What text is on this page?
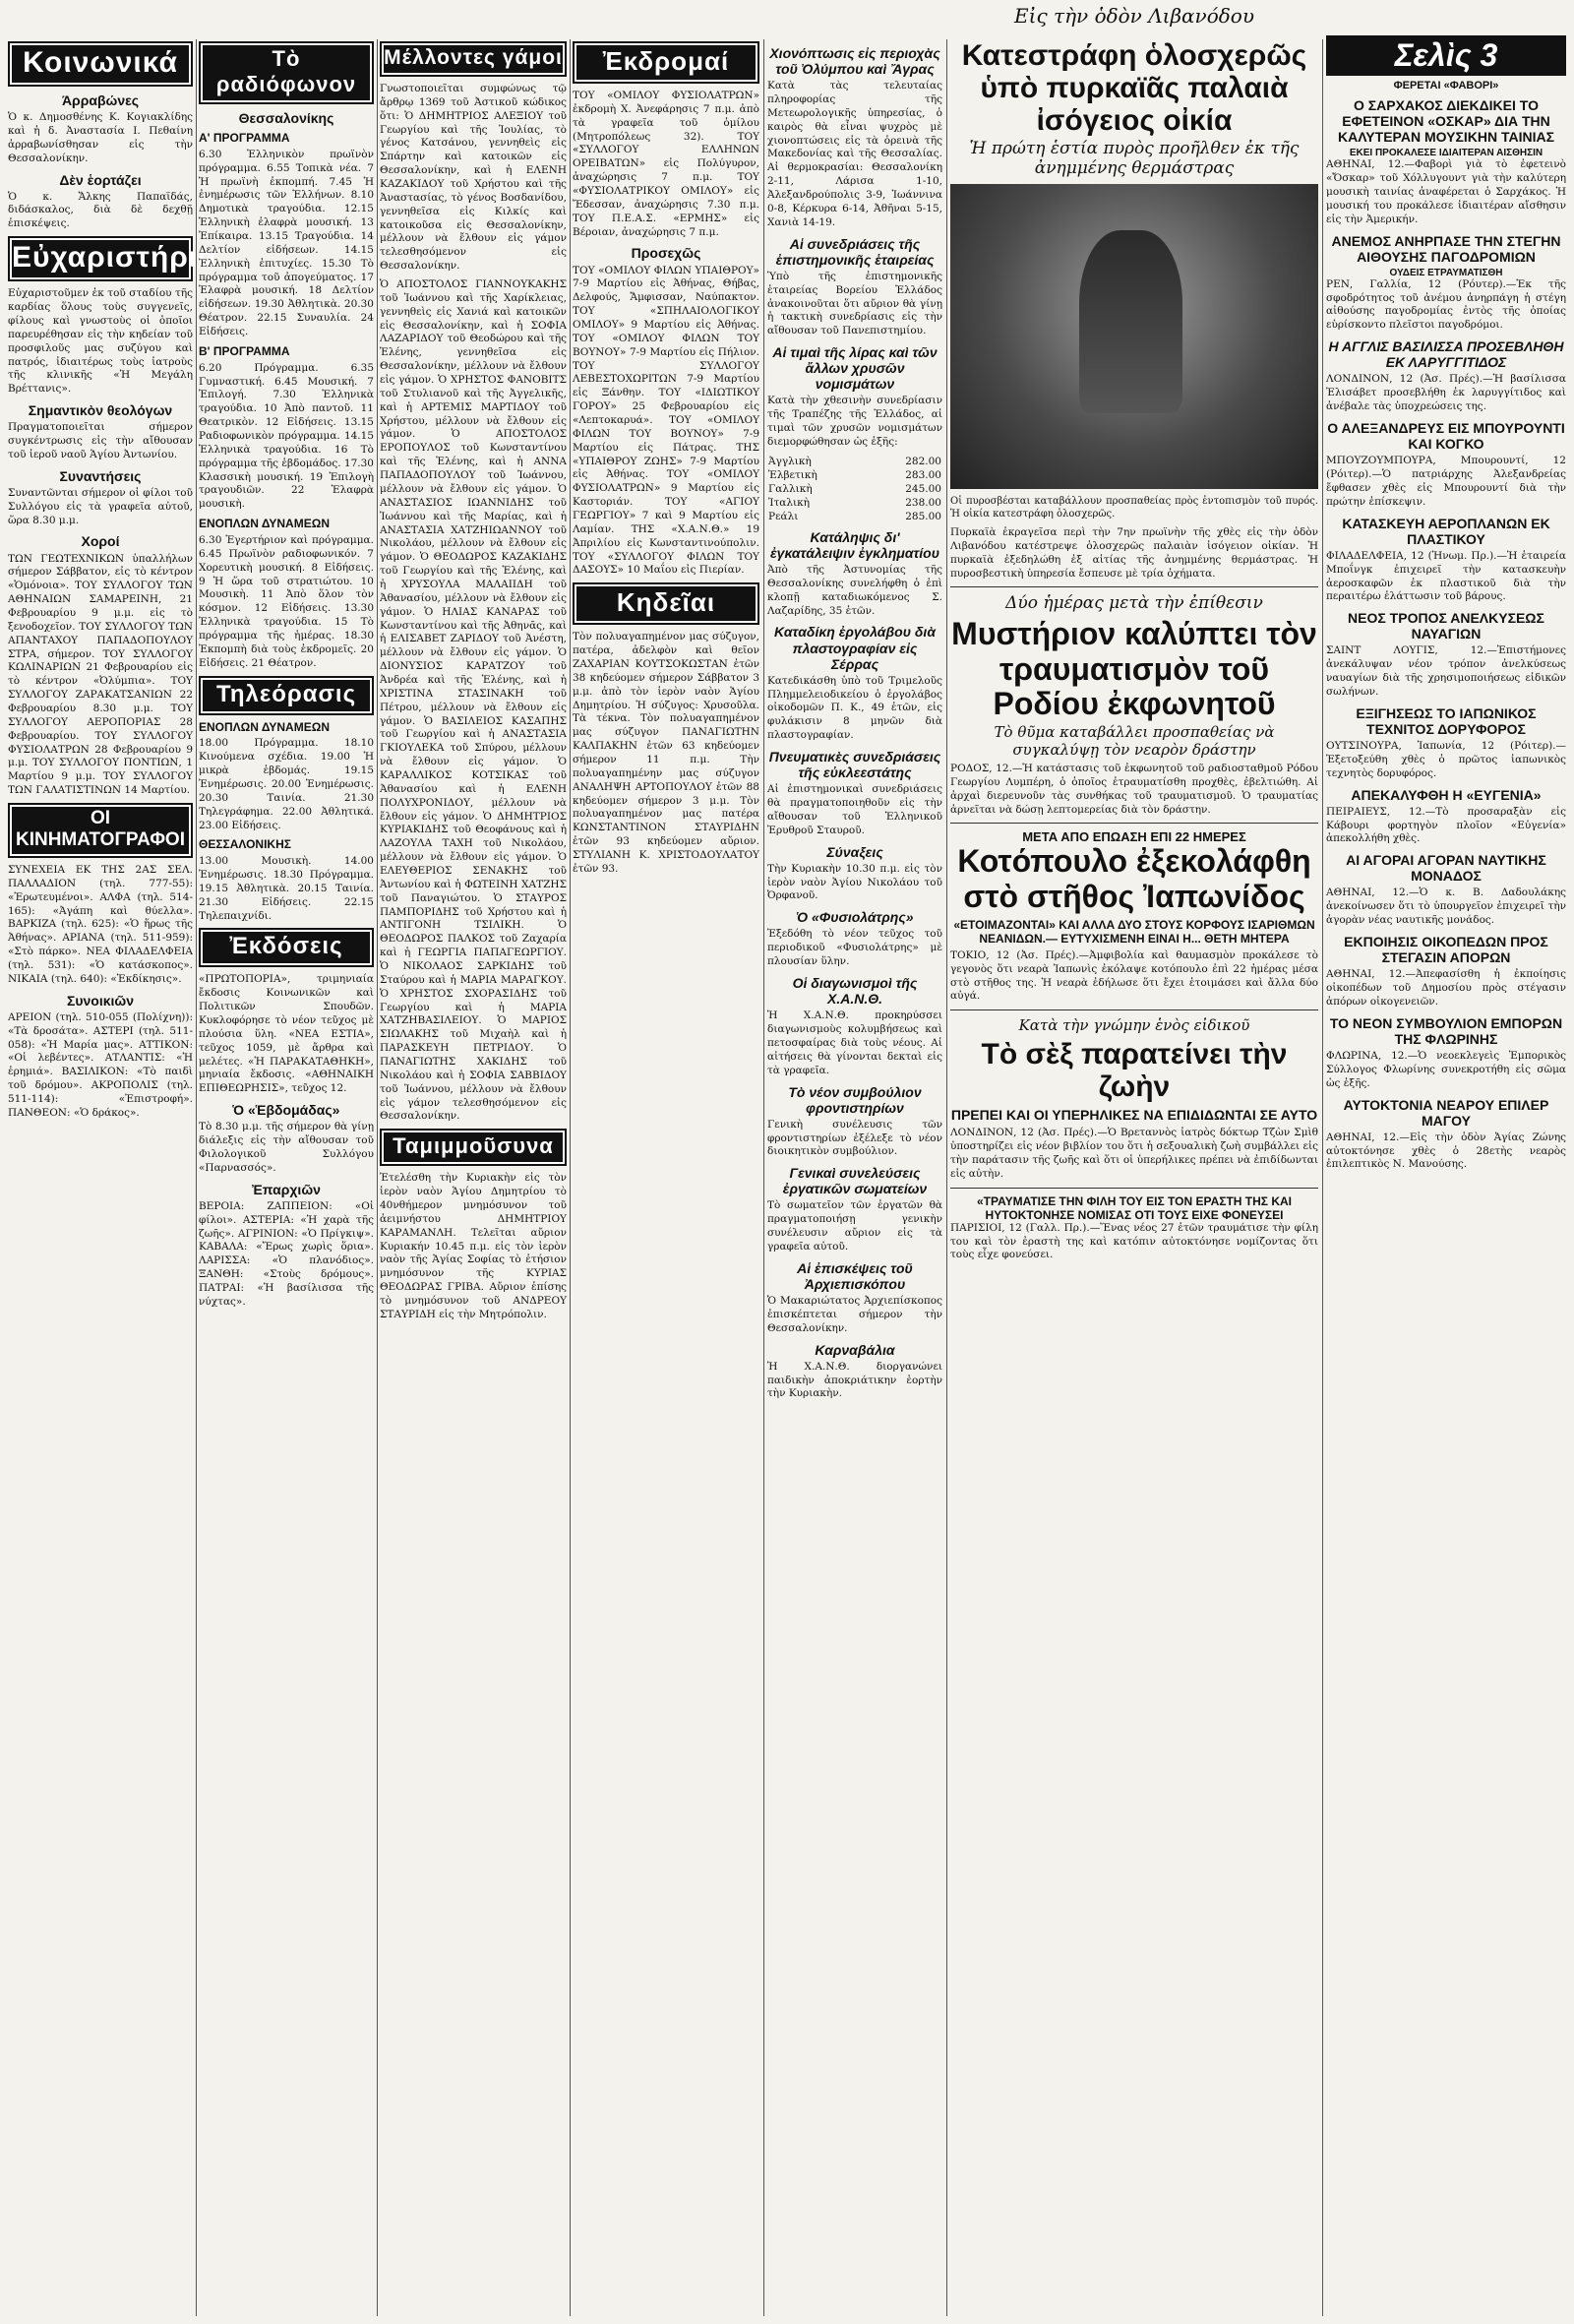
Κοινωνικά
Άρραβώνες
Ὁ κ. Δημοσθένης Κ. Κογιακλίδης καὶ ἡ δ. Ἀναστασία Ι. Πεθαίνη ἀρραβωνίσθησαν εἰς τὴν Θεσσαλονίκην.
Δὲν ἑορτάζει
Ὁ κ. Ἄλκης Παπαϊδάς, διδάσκαλος, διὰ δὲ δεχθῇ ἐπισκέψεις.
Εὐχαριστήρια
Εὐχαριστοῦμεν ἐκ τοῦ σταδίου τῆς καρδίας ὅλους τοὺς συγγενεῖς, φίλους καὶ γνωστοὺς οἱ ὁποῖοι παρευρέθησαν εἰς τὴν κηδείαν τοῦ προσφιλοῦς μας συζύγου καὶ πατρός, ἰδιαιτέρως τοὺς ἰατροὺς τῆς κλινικῆς «Ἡ Μεγάλη Βρέττανις».
Σημαντικὸν θεολόγων
Πραγματοποιεῖται σήμερον συγκέντρωσις εἰς τὴν αἴθουσαν τοῦ ἱεροῦ ναοῦ Ἁγίου Ἀντωνίου.
Συναντήσεις
Συναντῶνται σήμερον οἱ φίλοι τοῦ Συλλόγου εἰς τὰ γραφεῖα αὐτοῦ, ὥρα 8.30 μ.μ.
Χοροί
ΤΩΝ ΓΕΩΤΕΧΝΙΚΩΝ ὑπαλλήλων σήμερον Σάββατον, εἰς τὸ κέντρον «Ὁμόνοια». ΤΟΥ ΣΥΛΛΟΓΟΥ ΤΩΝ ΑΘΗΝΑΙΩΝ ΣΑΜΑΡΕΙΝΗ, 21 Φεβρουαρίου 9 μ.μ. εἰς τὸ ξενοδοχεῖον. ΤΟΥ ΣΥΛΛΟΓΟΥ ΤΩΝ ΑΠΑΝΤΑΧΟΥ ΠΑΠΑΔΟΠΟΥΛΟΥ ΣΤΡΑ, σήμερον. ΤΟΥ ΣΥΛΛΟΓΟΥ ΚΩΛΙΝΑΡΙΩΝ 21 Φεβρουαρίου εἰς τὸ κέντρον «Ὀλύμπια». ΤΟΥ ΣΥΛΛΟΓΟΥ ΖΑΡΑΚΑΤΣΑΝΙΩΝ 22 Φεβρουαρίου 8.30 μ.μ. ΤΟΥ ΣΥΛΛΟΓΟΥ ΑΕΡΟΠΟΡΙΑΣ 28 Φεβρουαρίου. ΤΟΥ ΣΥΛΛΟΓΟΥ ΦΥΣΙΟΛΑΤΡΩΝ 28 Φεβρουαρίου 9 μ.μ. ΤΟΥ ΣΥΛΛΟΓΟΥ ΠΟΝΤΙΩΝ, 1 Μαρτίου 9 μ.μ. ΤΟΥ ΣΥΛΛΟΓΟΥ ΤΩΝ ΓΑΛΑΤΙΣΤΙΝΩΝ 14 Μαρτίου.
ΟΙ ΚΙΝΗΜΑΤΟΓΡΑΦΟΙ
ΣΥΝΕΧΕΙΑ ΕΚ ΤΗΣ 2ΑΣ ΣΕΛ. ΠΑΛΛΑΔΙΟΝ (τηλ. 777-55): «Ἐρωτευμένοι». ΑΛΦΑ (τηλ. 514-165): «Ἀγάπη καὶ θύελλα». ΒΑΡΚΙΖΑ (τηλ. 625): «Ὁ ἥρως τῆς Ἀθήνας». ΑΡΙΑΝΑ (τηλ. 511-959): «Στὸ πάρκο». ΝΕΑ ΦΙΛΑΔΕΛΦΕΙΑ (τηλ. 531): «Ὁ κατάσκοπος». ΝΙΚΑΙΑ (τηλ. 640): «Ἐκδίκησις».
Συνοικιῶν
ΑΡΕΙΟΝ (τηλ. 510-055 (Πολίχνη)): «Τὰ δροσάτα». ΑΣΤΕΡΙ (τηλ. 511-058): «Ἡ Μαρία μας». ΑΤΤΙΚΟΝ: «Οἱ λεβέντες». ΑΤΛΑΝΤΙΣ: «Ἡ ἐρημιά». ΒΑΣΙΛΙΚΟΝ: «Τὸ παιδὶ τοῦ δρόμου». ΑΚΡΟΠΟΛΙΣ (τηλ. 511-114): «Ἐπιστροφή». ΠΑΝΘΕΟΝ: «Ὁ δράκος».
Τὸ ραδιόφωνον
Θεσσαλονίκης
Α' ΠΡΟΓΡΑΜΜΑ
6.30 Ἑλληνικὸν πρωϊνὸν πρόγραμμα. 6.55 Τοπικὰ νέα. 7 Ἡ πρωϊνὴ ἐκπομπή. 7.45 Ἡ ἐνημέρωσις τῶν Ἑλλήνων. 8.10 Δημοτικὰ τραγούδια. 12.15 Ἑλληνικὴ ἐλαφρὰ μουσική. 13 Ἐπίκαιρα. 13.15 Τραγούδια. 14 Δελτίον εἰδήσεων. 14.15 Ἐλληνικὴ ἐπιτυχίες. 15.30 Τὸ πρόγραμμα τοῦ ἀπογεύματος. 17 Ἐλαφρὰ μουσική. 18 Δελτίον εἰδήσεων. 19.30 Ἀθλητικὰ. 20.30 Θέατρον. 22.15 Συναυλία. 24 Εἰδήσεις.
Β' ΠΡΟΓΡΑΜΜΑ
6.20 Πρόγραμμα. 6.35 Γυμναστική. 6.45 Μουσική. 7 Ἐπιλογή. 7.30 Ἑλληνικὰ τραγούδια. 10 Ἀπὸ παντοῦ. 11 Θεατρικὸν. 12 Εἰδήσεις. 13.15 Ραδιοφωνικὸν πρόγραμμα. 14.15 Ἑλληνικὰ τραγούδια. 16 Τὸ πρόγραμμα τῆς ἑβδομάδος. 17.30 Κλασσικὴ μουσική. 19 Ἐπιλογὴ τραγουδιῶν. 22 Ἐλαφρὰ μουσικὴ.
ΕΝΟΠΛΩΝ ΔΥΝΑΜΕΩΝ
6.30 Ἐγερτήριον καὶ πρόγραμμα. 6.45 Πρωϊνὸν ραδιοφωνικόν. 7 Χορευτικὴ μουσική. 8 Εἰδήσεις. 9 Ἡ ὥρα τοῦ στρατιώτου. 10 Μουσικὴ. 11 Ἀπὸ ὅλον τὸν κόσμον. 12 Εἰδήσεις. 13.30 Ἐλληνικὰ τραγούδια. 15 Τὸ πρόγραμμα τῆς ἡμέρας. 18.30 Ἐκπομπὴ διὰ τοὺς ἐκδρομεῖς. 20 Εἰδήσεις. 21 Θέατρον.
Τηλεόρασις
ΕΝΟΠΛΩΝ ΔΥΝΑΜΕΩΝ
18.00 Πρόγραμμα. 18.10 Κινούμενα σχέδια. 19.00 Ἡ μικρὰ ἑβδομάς. 19.15 Ἐνημέρωσις. 20.00 Ἐνημέρωσις. 20.30 Ταινία. 21.30 Τηλεγράφημα. 22.00 Ἀθλητικά. 23.00 Εἰδήσεις.
ΘΕΣΣΑΛΟΝΙΚΗΣ
13.00 Μουσικὴ. 14.00 Ἐνημέρωσις. 18.30 Πρόγραμμα. 19.15 Ἀθλητικὰ. 20.15 Ταινία. 21.30 Εἰδήσεις. 22.15 Τηλεπαιχνίδι.
Ἐκδόσεις
«ΠΡΩΤΟΠΟΡΙΑ», τριμηνιαία ἔκδοσις Κοινωνικῶν καὶ Πολιτικῶν Σπουδῶν. Κυκλοφόρησε τὸ νέον τεῦχος μὲ πλούσια ὕλη. «ΝΕΑ ΕΣΤΙΑ», τεῦχος 1059, μὲ ἄρθρα καὶ μελέτες. «Ἡ ΠΑΡΑΚΑΤΑΘΗΚΗ», μηνιαία ἔκδοσις. «ΑΘΗΝΑΙΚΗ ΕΠΙΘΕΩΡΗΣΙΣ», τεῦχος 12.
Ὁ «Ἑβδομάδας»
Τὸ 8.30 μ.μ. τῆς σήμερον θὰ γίνῃ διάλεξις εἰς τὴν αἴθουσαν τοῦ Φιλολογικοῦ Συλλόγου «Παρνασσός».
Ἐπαρχιῶν
ΒΕΡΟΙΑ: ΖΑΠΠΕΙΟΝ: «Οἱ φίλοι». ΑΣΤΕΡΙΑ: «Ἡ χαρὰ τῆς ζωῆς». ΑΓΡΙΝΙΟΝ: «Ὁ Πρίγκιψ». ΚΑΒΑΛΑ: «Ἔρως χωρὶς ὅρια». ΛΑΡΙΣΣΑ: «Ὁ πλανόδιος». ΞΑΝΘΗ: «Στοὺς δρόμους». ΠΑΤΡΑΙ: «Ἡ βασίλισσα τῆς νύχτας».
Μέλλοντες γάμοι
Γνωστοποιεῖται συμφώνως τῷ ἄρθρῳ 1369 τοῦ Ἀστικοῦ κώδικος ὅτι: Ὁ ΔΗΜΗΤΡΙΟΣ ΑΛΕΞΙΟΥ τοῦ Γεωργίου καὶ τῆς Ἰουλίας, τὸ γένος Κατσάνου, γεννηθεὶς εἰς Σπάρτην καὶ κατοικῶν εἰς Θεσσαλονίκην, καὶ ἡ ΕΛΕΝΗ ΚΑΖΑΚΙΔΟΥ τοῦ Χρήστου καὶ τῆς Ἀναστασίας, τὸ γένος Βοσδανίδου, γεννηθεῖσα εἰς Κιλκίς καὶ κατοικοῦσα εἰς Θεσσαλονίκην, μέλλουν νὰ ἔλθουν εἰς γάμον τελεσθησόμενον εἰς Θεσσαλονίκην.
Ὁ ΑΠΟΣΤΟΛΟΣ ΓΙΑΝΝΟΥΚΑΚΗΣ τοῦ Ἰωάννου καὶ τῆς Χαρίκλειας, γεννηθεὶς εἰς Χανιά καὶ κατοικῶν εἰς Θεσσαλονίκην, καὶ ἡ ΣΟΦΙΑ ΛΑΖΑΡΙΔΟΥ τοῦ Θεοδώρου καὶ τῆς Ἑλένης, γεννηθεῖσα εἰς Θεσσαλονίκην, μέλλουν νὰ ἔλθουν εἰς γάμον. Ὁ ΧΡΗΣΤΟΣ ΦΑΝΟΒΙΤΣ τοῦ Στυλιανοῦ καὶ τῆς Ἀγγελικῆς, καὶ ἡ ΑΡΤΕΜΙΣ ΜΑΡΤΙΔΟΥ τοῦ Χρήστου, μέλλουν νὰ ἔλθουν εἰς γάμον. Ὁ ΑΠΟΣΤΟΛΟΣ ΕΡΟΠΟΥΛΟΣ τοῦ Κωνσταντίνου καὶ τῆς Ἑλένης, καὶ ἡ ΑΝΝΑ ΠΑΠΑΔΟΠΟΥΛΟΥ τοῦ Ἰωάννου, μέλλουν νὰ ἔλθουν εἰς γάμον. Ὁ ΑΝΑΣΤΑΣΙΟΣ ΙΩΑΝΝΙΔΗΣ τοῦ Ἰωάννου καὶ τῆς Μαρίας, καὶ ἡ ΑΝΑΣΤΑΣΙΑ ΧΑΤΖΗΙΩΑΝΝΟΥ τοῦ Νικολάου, μέλλουν νὰ ἔλθουν εἰς γάμον. Ὁ ΘΕΟΔΩΡΟΣ ΚΑΖΑΚΙΔΗΣ τοῦ Γεωργίου καὶ τῆς Ἑλένης, καὶ ἡ ΧΡΥΣΟΥΛΑ ΜΑΛΑΙΙΔΗ τοῦ Ἀθανασίου, μέλλουν νὰ ἔλθουν εἰς γάμον. Ὁ ΗΛΙΑΣ ΚΑΝΑΡΑΣ τοῦ Κωνσταντίνου καὶ τῆς Ἀθηνᾶς, καὶ ἡ ΕΛΙΣΑΒΕΤ ΖΑΡΙΔΟΥ τοῦ Ἀνέστη, μέλλουν νὰ ἔλθουν εἰς γάμον. Ὁ ΔΙΟΝΥΣΙΟΣ ΚΑΡΑΤΖΟΥ τοῦ Ἀνδρέα καὶ τῆς Ἑλένης, καὶ ἡ ΧΡΙΣΤΙΝΑ ΣΤΑΣΙΝΑΚΗ τοῦ Πέτρου, μέλλουν νὰ ἔλθουν εἰς γάμον. Ὁ ΒΑΣΙΛΕΙΟΣ ΚΑΣΑΠΗΣ τοῦ Γεωργίου καὶ ἡ ΑΝΑΣΤΑΣΙΑ ΓΚΙΟΥΛΕΚΑ τοῦ Σπύρου, μέλλουν νὰ ἔλθουν εἰς γάμον. Ὁ ΚΑΡΑΛΛΙΚΟΣ ΚΟΤΣΙΚΑΣ τοῦ Ἀθανασίου καὶ ἡ ΕΛΕΝΗ ΠΟΛΥΧΡΟΝΙΔΟΥ, μέλλουν νὰ ἔλθουν εἰς γάμον. Ὁ ΔΗΜΗΤΡΙΟΣ ΚΥΡΙΑΚΙΔΗΣ τοῦ Θεοφάνους καὶ ἡ ΛΑΖΟΥΛΑ ΤΑΧΗ τοῦ Νικολάου, μέλλουν νὰ ἔλθουν εἰς γάμον. Ὁ ΕΛΕΥΘΕΡΙΟΣ ΣΕΝΑΚΗΣ τοῦ Ἀντωνίου καὶ ἡ ΦΩΤΕΙΝΗ ΧΑΤΖΗΣ τοῦ Παναγιώτου. Ὁ ΣΤΑΥΡΟΣ ΠΑΜΠΟΡΙΔΗΣ τοῦ Χρήστου καὶ ἡ ΑΝΤΙΓΟΝΗ ΤΣΙΛΙΚΗ. Ὁ ΘΕΟΔΩΡΟΣ ΠΑΛΚΟΣ τοῦ Ζαχαρία καὶ ἡ ΓΕΩΡΓΙΑ ΠΑΠΑΓΕΩΡΓΙΟΥ. Ὁ ΝΙΚΟΛΑΟΣ ΣΑΡΚΙΔΗΣ τοῦ Σταύρου καὶ ἡ ΜΑΡΙΑ ΜΑΡΑΓΚΟΥ. Ὁ ΧΡΗΣΤΟΣ ΣΧΟΡΑΣΙΔΗΣ τοῦ Γεωργίου καὶ ἡ ΜΑΡΙΑ ΧΑΤΖΗΒΑΣΙΛΕΙΟΥ. Ὁ ΜΑΡΙΟΣ ΣΙΩΛΑΚΗΣ τοῦ Μιχαὴλ καὶ ἡ ΠΑΡΑΣΚΕΥΗ ΠΕΤΡΙΔΟΥ. Ὁ ΠΑΝΑΓΙΩΤΗΣ ΧΑΚΙΔΗΣ τοῦ Νικολάου καὶ ἡ ΣΟΦΙΑ ΣΑΒΒΙΔΟΥ τοῦ Ἰωάννου, μέλλουν νὰ ἔλθουν εἰς γάμον τελεσθησόμενον εἰς Θεσσαλονίκην.
Ταμιμμοῦσυνα
Ἐτελέσθη τὴν Κυριακὴν εἰς τὸν ἱερὸν ναὸν Ἁγίου Δημητρίου τὸ 40νθήμερον μνημόσυνον τοῦ ἀειμνήστου ΔΗΜΗΤΡΙΟΥ ΚΑΡΑΜΑΝΛΗ. Τελεῖται αὔριον Κυριακήν 10.45 π.μ. εἰς τὸν ἱερὸν ναὸν τῆς Ἁγίας Σοφίας τὸ ἐτήσιον μνημόσυνον τῆς ΚΥΡΙΑΣ ΘΕΟΔΩΡΑΣ ΓΡΙΒΑ. Αὔριον ἐπίσης τὸ μνημόσυνον τοῦ ΑΝΔΡΕΟΥ ΣΤΑΥΡΙΔΗ εἰς τὴν Μητρόπολιν.
Ἐκδρομαί
ΤΟΥ «ΟΜΙΛΟΥ ΦΥΣΙΟΛΑΤΡΩΝ» ἐκδρομὴ Χ. Ἀνεφάρησις 7 π.μ. ἀπὸ τὰ γραφεῖα τοῦ ὁμίλου (Μητροπόλεως 32). ΤΟΥ «ΣΥΛΛΟΓΟΥ ΕΛΛΗΝΩΝ ΟΡΕΙΒΑΤΩΝ» εἰς Πολύγυρον, ἀναχώρησις 7 π.μ. ΤΟΥ «ΦΥΣΙΟΛΑΤΡΙΚΟΥ ΟΜΙΛΟΥ» εἰς Ἔδεσσαν, ἀναχώρησις 7.30 π.μ. ΤΟΥ Π.Ε.Α.Σ. «ΕΡΜΗΣ» εἰς Βέροιαν, ἀναχώρησις 7 π.μ.
Προσεχῶς
ΤΟΥ «ΟΜΙΛΟΥ ΦΙΛΩΝ ΥΠΑΙΘΡΟΥ» 7-9 Μαρτίου εἰς Ἀθήνας, Θήβας, Δελφούς, Ἄμφισσαν, Ναύπακτον. ΤΟΥ «ΣΠΗΛΑΙΟΛΟΓΙΚΟΥ ΟΜΙΛΟΥ» 9 Μαρτίου εἰς Ἀθήνας. ΤΟΥ «ΟΜΙΛΟΥ ΦΙΛΩΝ ΤΟΥ ΒΟΥΝΟΥ» 7-9 Μαρτίου εἰς Πήλιον. ΤΟΥ ΣΥΛΛΟΓΟΥ ΛΕΒΕΣΤΟΧΩΡΙΤΩΝ 7-9 Μαρτίου εἰς Ξάνθην. ΤΟΥ «ΙΔΙΩΤΙΚΟΥ ΓΟΡΟΥ» 25 Φεβρουαρίου εἰς «Λεπτοκαρυά». ΤΟΥ «ΟΜΙΛΟΥ ΦΙΛΩΝ ΤΟΥ ΒΟΥΝΟΥ» 7-9 Μαρτίου εἰς Πάτρας. ΤΗΣ «ΥΠΑΙΘΡΟΥ ΖΩΗΣ» 7-9 Μαρτίου εἰς Ἀθήνας. ΤΟΥ «ΟΜΙΛΟΥ ΦΥΣΙΟΛΑΤΡΩΝ» 9 Μαρτίου εἰς Καστοριάν. ΤΟΥ «ΑΓΙΟΥ ΓΕΩΡΓΙΟΥ» 7 καὶ 9 Μαρτίου εἰς Λαμίαν. ΤΗΣ «Χ.Α.Ν.Θ.» 19 Ἀπριλίου εἰς Κωνσταντινούπολιν. ΤΟΥ «ΣΥΛΛΟΓΟΥ ΦΙΛΩΝ ΤΟΥ ΔΑΣΟΥΣ» 10 Μαΐου εἰς Πιερίαν.
Κηδεῖαι
Τὸν πολυαγαπημένον μας σύζυγον, πατέρα, ἀδελφὸν καὶ θεῖον ΖΑΧΑΡΙΑΝ ΚΟΥΤΣΟΚΩΣΤΑΝ ἐτῶν 38 κηδεύομεν σήμερον Σάββατον 3 μ.μ. ἀπὸ τὸν ἱερὸν ναὸν Ἁγίου Δημητρίου. Ἡ σύζυγος: Χρυσοῦλα. Τὰ τέκνα. Τὸν πολυαγαπημένον μας σύζυγον ΠΑΝΑΓΙΩΤΗΝ ΚΑΛΠΑΚΗΝ ἐτῶν 63 κηδεύομεν σήμερον 11 π.μ. Τὴν πολυαγαπημένην μας σύζυγον ΑΝΑΛΗΨΗ ΑΡΤΟΠΟΥΛΟΥ ἐτῶν 88 κηδεύομεν σήμερον 3 μ.μ. Τὸν πολυαγαπημένον μας πατέρα ΚΩΝΣΤΑΝΤΙΝΟΝ ΣΤΑΥΡΙΔΗΝ ἐτῶν 93 κηδεύομεν αὔριον. ΣΤΥΛΙΑΝΗ Κ. ΧΡΙΣΤΟΔΟΥΛΑΤΟΥ ἐτῶν 93.
Χιονόπτωσις εἰς περιοχὰς τοῦ Ὀλύμπου καὶ Ἄγρας
Κατὰ τὰς τελευταίας πληροφορίας τῆς Μετεωρολογικῆς ὑπηρεσίας, ὁ καιρὸς θὰ εἶναι ψυχρὸς μὲ χιονοπτώσεις εἰς τὰ ὀρεινὰ τῆς Μακεδονίας καὶ τῆς Θεσσαλίας. Αἱ θερμοκρασίαι: Θεσσαλονίκη 2-11, Λάρισα 1-10, Ἀλεξανδρούπολις 3-9, Ἰωάννινα 0-8, Κέρκυρα 6-14, Ἀθῆναι 5-15, Χανιὰ 14-19.
Αἱ συνεδριάσεις τῆς ἐπιστημονικῆς ἑταιρείας
Ὑπὸ τῆς ἐπιστημονικῆς ἑταιρείας Βορείου Ἑλλάδος ἀνακοινοῦται ὅτι αὔριον θὰ γίνῃ ἡ τακτικὴ συνεδρίασις εἰς τὴν αἴθουσαν τοῦ Πανεπιστημίου.
Αἱ τιμαὶ τῆς λίρας καὶ τῶν ἄλλων χρυσῶν νομισμάτων
Κατὰ τὴν χθεσινὴν συνεδρίασιν τῆς Τραπέζης τῆς Ἑλλάδος, αἱ τιμαὶ τῶν χρυσῶν νομισμάτων διεμορφώθησαν ὡς ἑξῆς:
Ἀγγλικὴ	282.00
Ἑλβετικὴ	283.00
Γαλλικὴ	245.00
Ἰταλικὴ	238.00
Ρεάλι	285.00
Κατάληψις δι' ἐγκατάλειψιν ἐγκληματίου
Ἀπὸ τῆς Ἀστυνομίας τῆς Θεσσαλονίκης συνελήφθη ὁ ἐπὶ κλοπῇ καταδιωκόμενος Σ. Λαζαρίδης, 35 ἐτῶν.
Καταδίκη ἐργολάβου διὰ πλαστογραφίαν εἰς Σέρρας
Κατεδικάσθη ὑπὸ τοῦ Τριμελοῦς Πλημμελειοδικείου ὁ ἐργολάβος οἰκοδομῶν Π. Κ., 49 ἐτῶν, εἰς φυλάκισιν 8 μηνῶν διὰ πλαστογραφίαν.
Πνευματικὲς συνεδριάσεις τῆς εὐκλεεστάτης
Αἱ ἐπιστημονικαὶ συνεδριάσεις θὰ πραγματοποιηθοῦν εἰς τὴν αἴθουσαν τοῦ Ἑλληνικοῦ Ἐρυθροῦ Σταυροῦ.
Σύναξεις
Τὴν Κυριακὴν 10.30 π.μ. εἰς τὸν ἱερὸν ναὸν Ἁγίου Νικολάου τοῦ Ὀρφανοῦ.
Ὁ «Φυσιολάτρης»
Ἐξεδόθη τὸ νέον τεῦχος τοῦ περιοδικοῦ «Φυσιολάτρης» μὲ πλουσίαν ὕλην.
Οἱ διαγωνισμοὶ τῆς Χ.Α.Ν.Θ.
Ἡ Χ.Α.Ν.Θ. προκηρύσσει διαγωνισμοὺς κολυμβήσεως καὶ πετοσφαίρας διὰ τοὺς νέους. Αἱ αἰτήσεις θὰ γίνονται δεκταὶ εἰς τὰ γραφεῖα.
Τὸ νέον συμβούλιον φροντιστηρίων
Γενικὴ συνέλευσις τῶν φροντιστηρίων ἐξέλεξε τὸ νέον διοικητικὸν συμβούλιον.
Γενικαὶ συνελεύσεις ἐργατικῶν σωματείων
Τὸ σωματεῖον τῶν ἐργατῶν θὰ πραγματοποιήσῃ γενικὴν συνέλευσιν αὔριον εἰς τὰ γραφεῖα αὐτοῦ.
Αἱ ἐπισκέψεις τοῦ Ἀρχιεπισκόπου
Ὁ Μακαριώτατος Ἀρχιεπίσκοπος ἐπισκέπτεται σήμερον τὴν Θεσσαλονίκην.
Καρναβάλια
Ἡ Χ.Α.Ν.Θ. διοργανώνει παιδικὴν ἀποκριάτικην ἑορτὴν τὴν Κυριακὴν.
Εἰς τὴν ὁδὸν Λιβανόδου
Κατεστράφη ὁλοσχερῶς ὑπὸ πυρκαϊᾶς παλαιὰ ἰσόγειος οἰκία
Ἡ πρώτη ἑστία πυρὸς προῆλθεν ἐκ τῆς ἀνημμένης θερμάστρας
Οἱ πυροσβέσται καταβάλλουν προσπαθείας πρὸς ἐντοπισμὸν τοῦ πυρός. Ἡ οἰκία κατεστράφη ὁλοσχερῶς.
Πυρκαϊὰ ἐκραγεῖσα περὶ τὴν 7ην πρωϊνὴν τῆς χθὲς εἰς τὴν ὁδὸν Λιβανόδου κατέστρεψε ὁλοσχερῶς παλαιὰν ἰσόγειον οἰκίαν. Ἡ πυρκαϊὰ ἐξεδηλώθη ἐξ αἰτίας τῆς ἀνημμένης θερμάστρας. Ἡ πυροσβεστικὴ ὑπηρεσία ἔσπευσε μὲ τρία ὀχήματα.
Δύο ἡμέρας μετὰ τὴν ἐπίθεσιν
Μυστήριον καλύπτει τὸν τραυματισμὸν τοῦ Ροδίου ἐκφωνητοῦ
Τὸ θῦμα καταβάλλει προσπαθείας νὰ συγκαλύψῃ τὸν νεαρὸν δράστην
ΡΟΔΟΣ, 12.—Ἡ κατάστασις τοῦ ἐκφωνητοῦ τοῦ ραδιοσταθμοῦ Ρόδου Γεωργίου Λυμπέρη, ὁ ὁποῖος ἐτραυματίσθη προχθὲς, ἐβελτιώθη. Αἱ ἀρχαὶ διερευνοῦν τὰς συνθήκας τοῦ τραυματισμοῦ. Ὁ τραυματίας ἀρνεῖται νὰ δώσῃ λεπτομερείας διὰ τὸν δράστην.
ΜΕΤΑ ΑΠΟ ΕΠΩΑΣΗ ΕΠΙ 22 ΗΜΕΡΕΣ
Κοτόπουλο ἐξεκολάφθη στὸ στῆθος Ἰαπωνίδος
«ΕΤΟΙΜΑΖΟΝΤΑΙ» ΚΑΙ ΑΛΛΑ ΔΥΟ ΣΤΟΥΣ ΚΟΡΦΟΥΣ ΙΣΑΡΙΘΜΩΝ ΝΕΑΝΙΔΩΝ.— ΕΥΤΥΧΙΣΜΕΝΗ ΕΙΝΑΙ Η... ΘΕΤΗ ΜΗΤΕΡΑ
ΤΟΚΙΟ, 12 (Ἀσ. Πρές).—Ἀμφιβολία καὶ θαυμασμὸν προκάλεσε τὸ γεγονὸς ὅτι νεαρὰ Ἰαπωνὶς ἐκόλαψε κοτόπουλο ἐπὶ 22 ἡμέρας μέσα στὸ στῆθος της. Ἡ νεαρὰ ἐδήλωσε ὅτι ἔχει ἑτοιμάσει καὶ ἄλλα δύο αὐγά.
Κατὰ τὴν γνώμην ἑνὸς εἰδικοῦ
Τὸ σὲξ παρατείνει τὴν ζωὴν
ΠΡΕΠΕΙ ΚΑΙ ΟΙ ΥΠΕΡΗΛΙΚΕΣ ΝΑ ΕΠΙΔΙΔΩΝΤΑΙ ΣΕ ΑΥΤΟ
ΛΟΝΔΙΝΟΝ, 12 (Ἀσ. Πρές).—Ὁ Βρεταννὸς ἰατρὸς δόκτωρ Τζὼν Σμὶθ ὑποστηρίζει εἰς νέον βιβλίον του ὅτι ἡ σεξουαλικὴ ζωὴ συμβάλλει εἰς τὴν παράτασιν τῆς ζωῆς καὶ ὅτι οἱ ὑπερήλικες πρέπει νὰ ἐπιδίδωνται εἰς αὐτὴν.
«ΤΡΑΥΜΑΤΙΣΕ ΤΗΝ ΦΙΛΗ ΤΟΥ ΕΙΣ ΤΟΝ ΕΡΑΣΤΗ ΤΗΣ ΚΑΙ ΗΥΤΟΚΤΟΝΗΣΕ ΝΟΜΙΣΑΣ ΟΤΙ ΤΟΥΣ ΕΙΧΕ ΦΟΝΕΥΣΕΙ
ΠΑΡΙΣΙΟΙ, 12 (Γαλλ. Πρ.).—Ἕνας νέος 27 ἐτῶν τραυμάτισε τὴν φίλη του καὶ τὸν ἐραστὴ της καὶ κατόπιν αὐτοκτόνησε νομίζοντας ὅτι τοὺς εἶχε φονεύσει.
Σελὶς 3
ΦΕΡΕΤΑΙ «ΦΑΒΟΡΙ»
Ο ΣΑΡΧΑΚΟΣ ΔΙΕΚΔΙΚΕΙ ΤΟ ΕΦΕΤΕΙΝΟΝ «ΟΣΚΑΡ» ΔΙΑ ΤΗΝ ΚΑΛΥΤΕΡΑΝ ΜΟΥΣΙΚΗΝ ΤΑΙΝΙΑΣ
ΕΚΕΙ ΠΡΟΚΑΛΕΣΕ ΙΔΙΑΙΤΕΡΑΝ ΑΙΣΘΗΣΙΝ
ΑΘΗΝΑΙ, 12.—Φαβορὶ γιὰ τὸ ἐφετεινὸ «Ὄσκαρ» τοῦ Χόλλυγουντ γιὰ τὴν καλύτερη μουσικὴ ταινίας ἀναφέρεται ὁ Σαρχάκος. Ἡ μουσική του προκάλεσε ἰδιαιτέραν αἴσθησιν εἰς τὴν Ἀμερικήν.
ΑΝΕΜΟΣ ΑΝΗΡΠΑΣΕ ΤΗΝ ΣΤΕΓΗΝ ΑΙΘΟΥΣΗΣ ΠΑΓΟΔΡΟΜΙΩΝ
ΟΥΔΕΙΣ ΕΤΡΑΥΜΑΤΙΣΘΗ
ΡΕΝ, Γαλλία, 12 (Ρόυτερ).—Ἐκ τῆς σφοδρότητος τοῦ ἀνέμου ἀνηρπάγη ἡ στέγη αἰθούσης παγοδρομίας ἐντὸς τῆς ὁποίας εὑρίσκοντο πλεῖστοι παγοδρόμοι.
Η ΑΓΓΛΙΣ ΒΑΣΙΛΙΣΣΑ ΠΡΟΣΕΒΛΗΘΗ ΕΚ ΛΑΡΥΓΓΙΤΙΔΟΣ
ΛΟΝΔΙΝΟΝ, 12 (Ἀσ. Πρές).—Ἡ βασίλισσα Ἐλισάβετ προσεβλήθη ἐκ λαρυγγίτιδος καὶ ἀνέβαλε τὰς ὑποχρεώσεις της.
Ο ΑΛΕΞΑΝΔΡΕΥΣ ΕΙΣ ΜΠΟΥΡΟΥΝΤΙ ΚΑΙ ΚΟΓΚΟ
ΜΠΟΥΖΟΥΜΠΟΥΡΑ, Μπουρουντί, 12 (Ρόιτερ).—Ὁ πατριάρχης Ἀλεξανδρείας ἔφθασεν χθὲς εἰς Μπουρουντί διὰ τὴν πρώτην ἐπίσκεψιν.
ΚΑΤΑΣΚΕΥΗ ΑΕΡΟΠΛΑΝΩΝ ΕΚ ΠΛΑΣΤΙΚΟΥ
ΦΙΛΑΔΕΛΦΕΙΑ, 12 (Ἠνωμ. Πρ.).—Ἡ ἑταιρεία Μποΐνγκ ἐπιχειρεῖ τὴν κατασκευὴν ἀεροσκαφῶν ἐκ πλαστικοῦ διὰ τὴν περαιτέρω ἐλάττωσιν τοῦ βάρους.
ΝΕΟΣ ΤΡΟΠΟΣ ΑΝΕΛΚΥΣΕΩΣ ΝΑΥΑΓΙΩΝ
ΣΑΙΝΤ ΛΟΥΓΙΣ, 12.—Ἐπιστήμονες ἀνεκάλυψαν νέον τρόπον ἀνελκύσεως ναυαγίων διὰ τῆς χρησιμοποιήσεως εἰδικῶν σωλήνων.
ΕΞΙΓΗΣΕΩΣ ΤΟ ΙΑΠΩΝΙΚΟΣ ΤΕΧΝΙΤΟΣ ΔΟΡΥΦΟΡΟΣ
ΟΥΤΣΙΝΟΥΡΑ, Ἰαπωνία, 12 (Ρόιτερ).—Ἐξετοξεύθη χθὲς ὁ πρῶτος ἰαπωνικὸς τεχνητὸς δορυφόρος.
ΑΠΕΚΑΛΥΦΘΗ Η «ΕΥΓΕΝΙΑ»
ΠΕΙΡΑΙΕΥΣ, 12.—Τὸ προσαραξὰν εἰς Κάβουρι φορτηγὸν πλοῖον «Εὐγενία» ἀπεκολλήθη χθὲς.
ΑΙ ΑΓΟΡΑΙ ΑΓΟΡΑΝ ΝΑΥΤΙΚΗΣ ΜΟΝΑΔΟΣ
ΑΘΗΝΑΙ, 12.—Ὁ κ. Β. Δαδουλάκης ἀνεκοίνωσεν ὅτι τὸ ὑπουργεῖον ἐπιχειρεῖ τὴν ἀγορὰν νέας ναυτικῆς μονάδος.
ΕΚΠΟΙΗΣΙΣ ΟΙΚΟΠΕΔΩΝ ΠΡΟΣ ΣΤΕΓΑΣΙΝ ΑΠΟΡΩΝ
ΑΘΗΝΑΙ, 12.—Ἀπεφασίσθη ἡ ἐκποίησις οἰκοπέδων τοῦ Δημοσίου πρὸς στέγασιν ἀπόρων οἰκογενειῶν.
ΤΟ ΝΕΟΝ ΣΥΜΒΟΥΛΙΟΝ ΕΜΠΟΡΩΝ ΤΗΣ ΦΛΩΡΙΝΗΣ
ΦΛΩΡΙΝΑ, 12.—Ὁ νεοεκλεγεὶς Ἐμπορικὸς Σύλλογος Φλωρίνης συνεκροτήθη εἰς σῶμα ὡς ἑξῆς.
ΑΥΤΟΚΤΟΝΙΑ ΝΕΑΡΟΥ ΕΠΙΛΕΡ ΜΑΓΟΥ
ΑΘΗΝΑΙ, 12.—Εἰς τὴν ὁδὸν Ἀγίας Ζώνης αὐτοκτόνησε χθὲς ὁ 28ετὴς νεαρὸς ἐπιλεπτικὸς Ν. Μανούσης.
